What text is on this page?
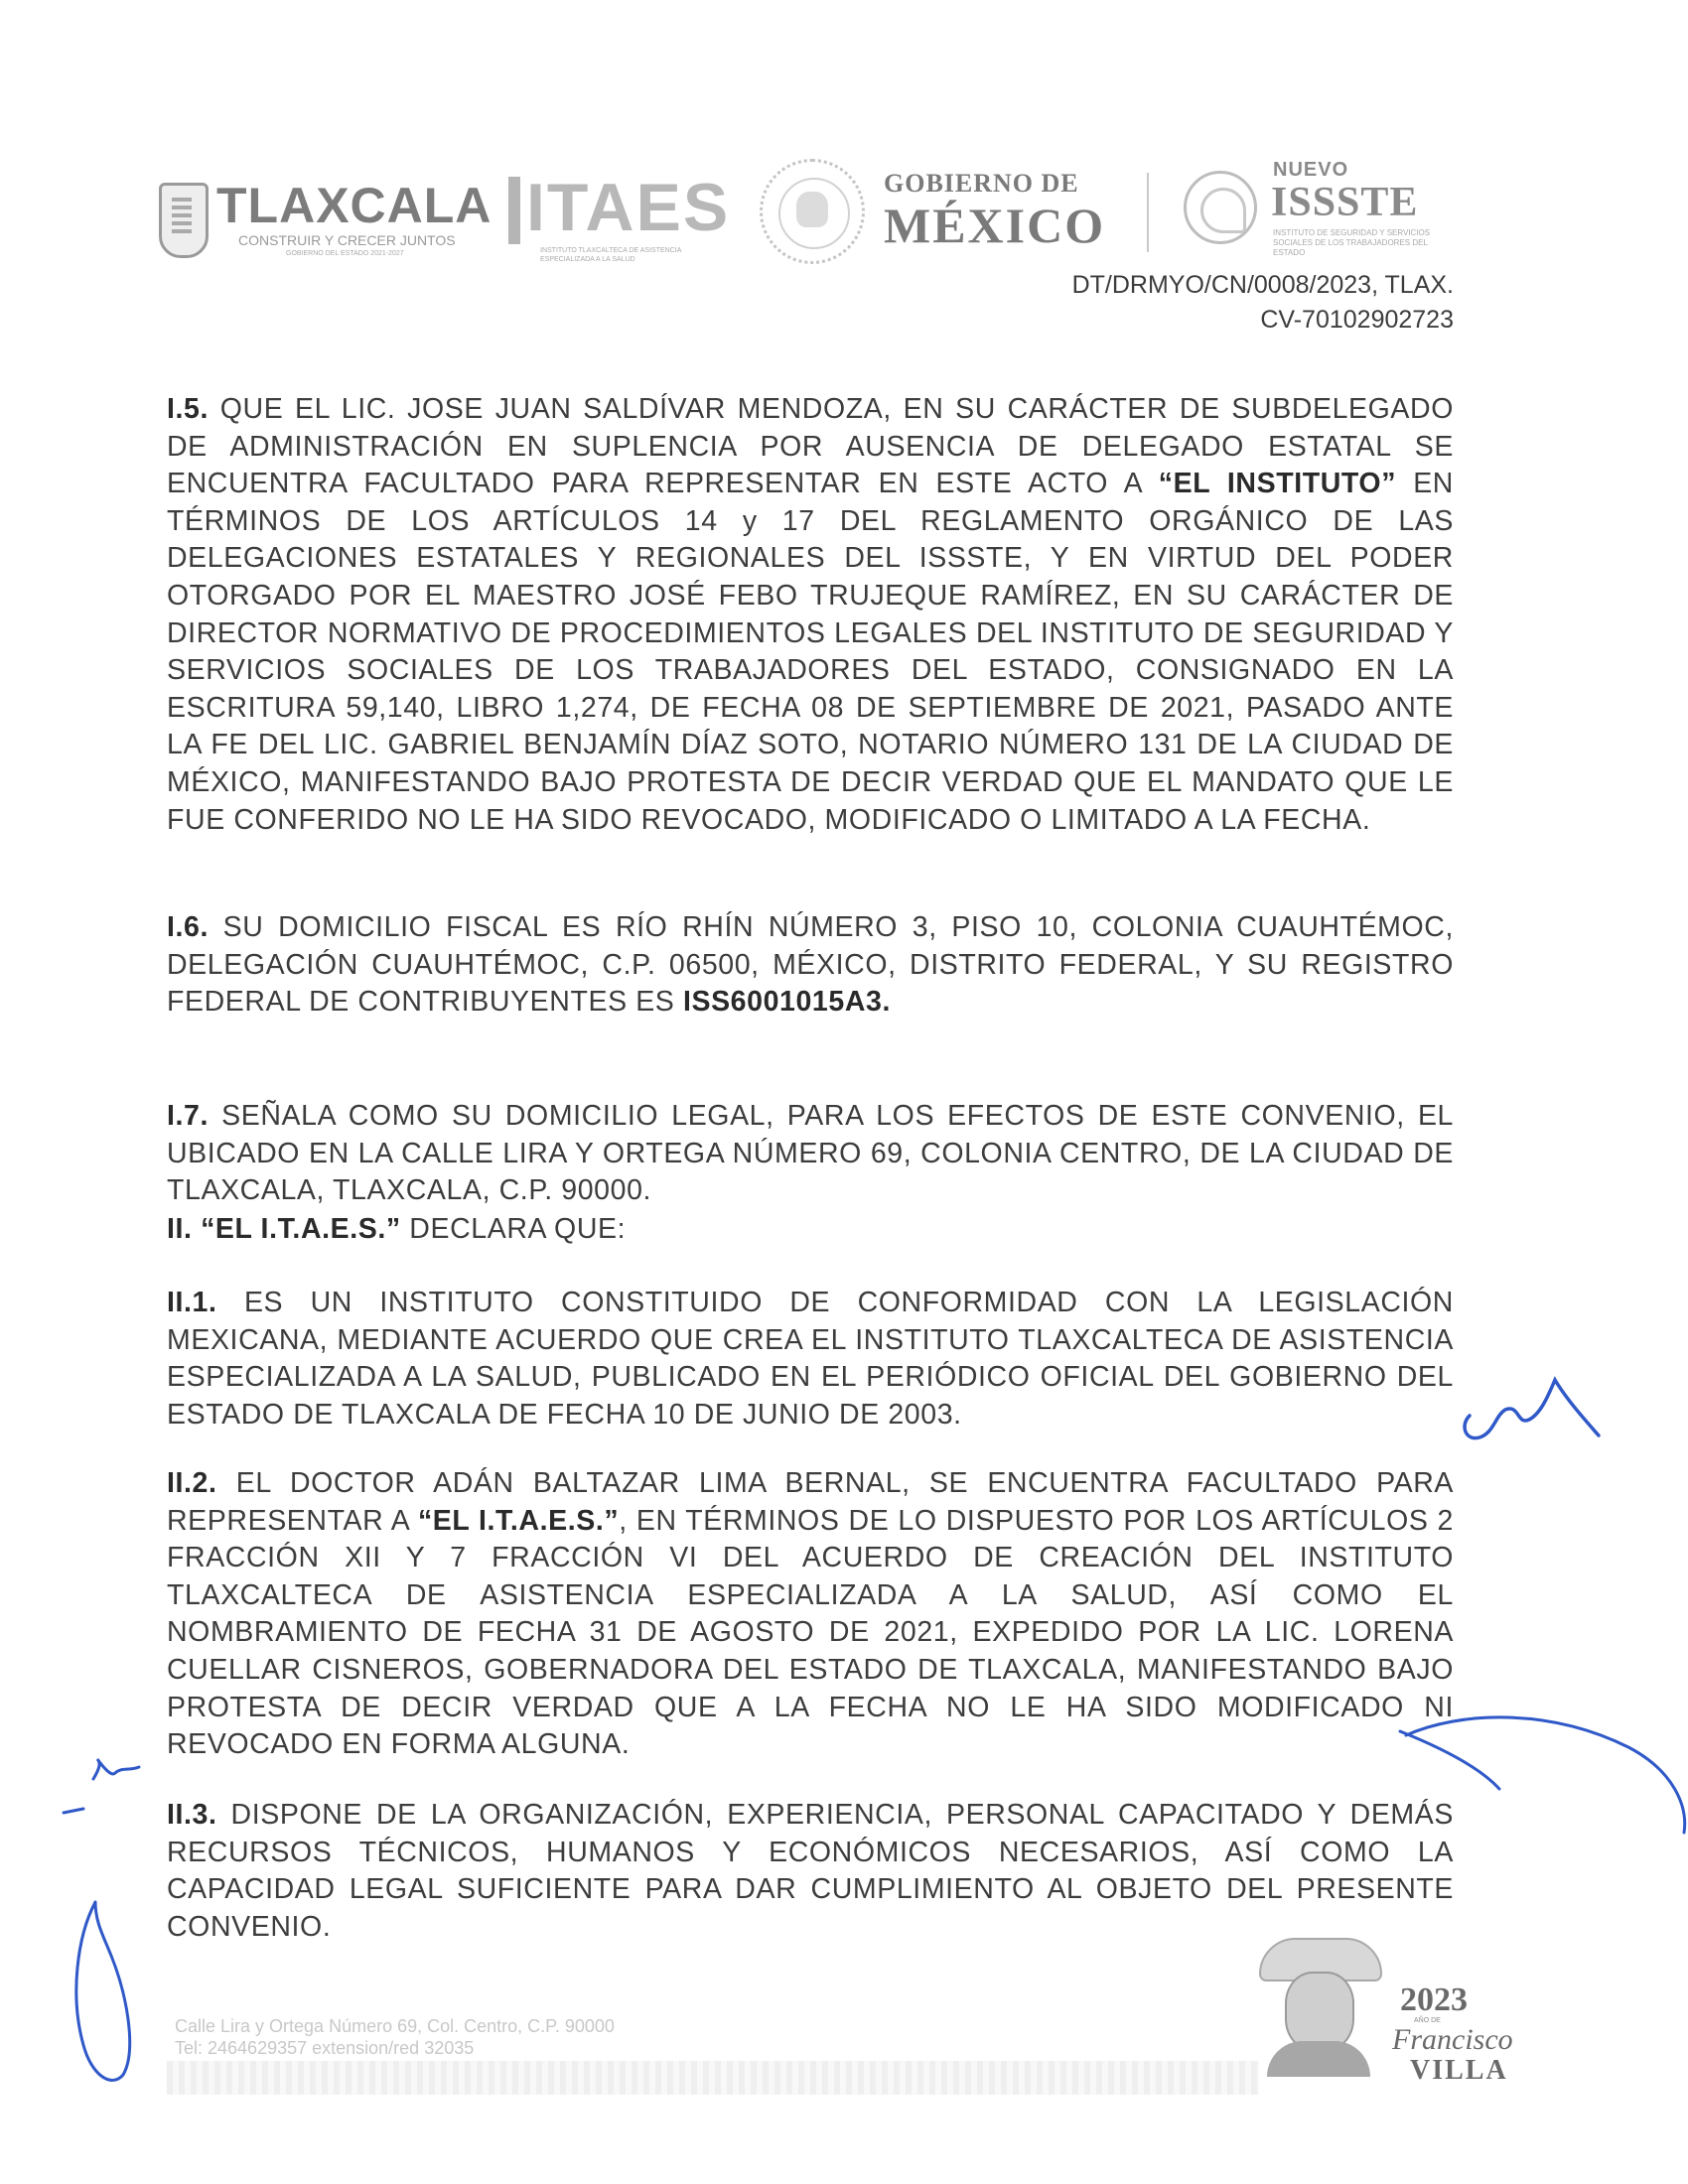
TLAXCALA
CONSTRUIR Y CRECER JUNTOS
GOBIERNO DEL ESTADO 2021-2027
ITAES
INSTITUTO TLAXCALTECA DE ASISTENCIA ESPECIALIZADA A LA SALUD
GOBIERNO DE
MÉXICO
NUEVO
ISSSTE
INSTITUTO DE SEGURIDAD Y SERVICIOS SOCIALES DE LOS TRABAJADORES DEL ESTADO
DT/DRMYO/CN/0008/2023, TLAX.
CV-70102902723

I.5. QUE EL LIC. JOSE JUAN SALDÍVAR MENDOZA, EN SU CARÁCTER DE SUBDELEGADO DE ADMINISTRACIÓN EN SUPLENCIA POR AUSENCIA DE DELEGADO ESTATAL SE ENCUENTRA FACULTADO PARA REPRESENTAR EN ESTE ACTO A “EL INSTITUTO” EN TÉRMINOS DE LOS ARTÍCULOS 14 y 17 DEL REGLAMENTO ORGÁNICO DE LAS DELEGACIONES ESTATALES Y REGIONALES DEL ISSSTE, Y EN VIRTUD DEL PODER OTORGADO POR EL MAESTRO JOSÉ FEBO TRUJEQUE RAMÍREZ, EN SU CARÁCTER DE DIRECTOR NORMATIVO DE PROCEDIMIENTOS LEGALES DEL INSTITUTO DE SEGURIDAD Y SERVICIOS SOCIALES DE LOS TRABAJADORES DEL ESTADO, CONSIGNADO EN LA ESCRITURA 59,140, LIBRO 1,274, DE FECHA 08 DE SEPTIEMBRE DE 2021, PASADO ANTE LA FE DEL LIC. GABRIEL BENJAMÍN DÍAZ SOTO, NOTARIO NÚMERO 131 DE LA CIUDAD DE MÉXICO, MANIFESTANDO BAJO PROTESTA DE DECIR VERDAD QUE EL MANDATO QUE LE FUE CONFERIDO NO LE HA SIDO REVOCADO, MODIFICADO O LIMITADO A LA FECHA.

I.6. SU DOMICILIO FISCAL ES RÍO RHÍN NÚMERO 3, PISO 10, COLONIA CUAUHTÉMOC, DELEGACIÓN CUAUHTÉMOC, C.P. 06500, MÉXICO, DISTRITO FEDERAL, Y SU REGISTRO FEDERAL DE CONTRIBUYENTES ES ISS6001015A3.

I.7. SEÑALA COMO SU DOMICILIO LEGAL, PARA LOS EFECTOS DE ESTE CONVENIO, EL UBICADO EN LA CALLE LIRA Y ORTEGA NÚMERO 69, COLONIA CENTRO, DE LA CIUDAD DE TLAXCALA, TLAXCALA, C.P. 90000.

II. “EL I.T.A.E.S.” DECLARA QUE:

II.1. ES UN INSTITUTO CONSTITUIDO DE CONFORMIDAD CON LA LEGISLACIÓN MEXICANA, MEDIANTE ACUERDO QUE CREA EL INSTITUTO TLAXCALTECA DE ASISTENCIA ESPECIALIZADA A LA SALUD, PUBLICADO EN EL PERIÓDICO OFICIAL DEL GOBIERNO DEL ESTADO DE TLAXCALA DE FECHA 10 DE JUNIO DE 2003.

II.2. EL DOCTOR ADÁN BALTAZAR LIMA BERNAL, SE ENCUENTRA FACULTADO PARA REPRESENTAR A “EL I.T.A.E.S.”, EN TÉRMINOS DE LO DISPUESTO POR LOS ARTÍCULOS 2 FRACCIÓN XII Y 7 FRACCIÓN VI DEL ACUERDO DE CREACIÓN DEL INSTITUTO TLAXCALTECA DE ASISTENCIA ESPECIALIZADA A LA SALUD, ASÍ COMO EL NOMBRAMIENTO DE FECHA 31 DE AGOSTO DE 2021, EXPEDIDO POR LA LIC. LORENA CUELLAR CISNEROS, GOBERNADORA DEL ESTADO DE TLAXCALA, MANIFESTANDO BAJO PROTESTA DE DECIR VERDAD QUE A LA FECHA NO LE HA SIDO MODIFICADO NI REVOCADO EN FORMA ALGUNA.

II.3. DISPONE DE LA ORGANIZACIÓN, EXPERIENCIA, PERSONAL CAPACITADO Y DEMÁS RECURSOS TÉCNICOS, HUMANOS Y ECONÓMICOS NECESARIOS, ASÍ COMO LA CAPACIDAD LEGAL SUFICIENTE PARA DAR CUMPLIMIENTO AL OBJETO DEL PRESENTE CONVENIO.

Calle Lira y Ortega Número 69, Col. Centro, C.P. 90000
Tel: 2464629357 extension/red 32035
2023
AÑO DE
Francisco
VILLA
